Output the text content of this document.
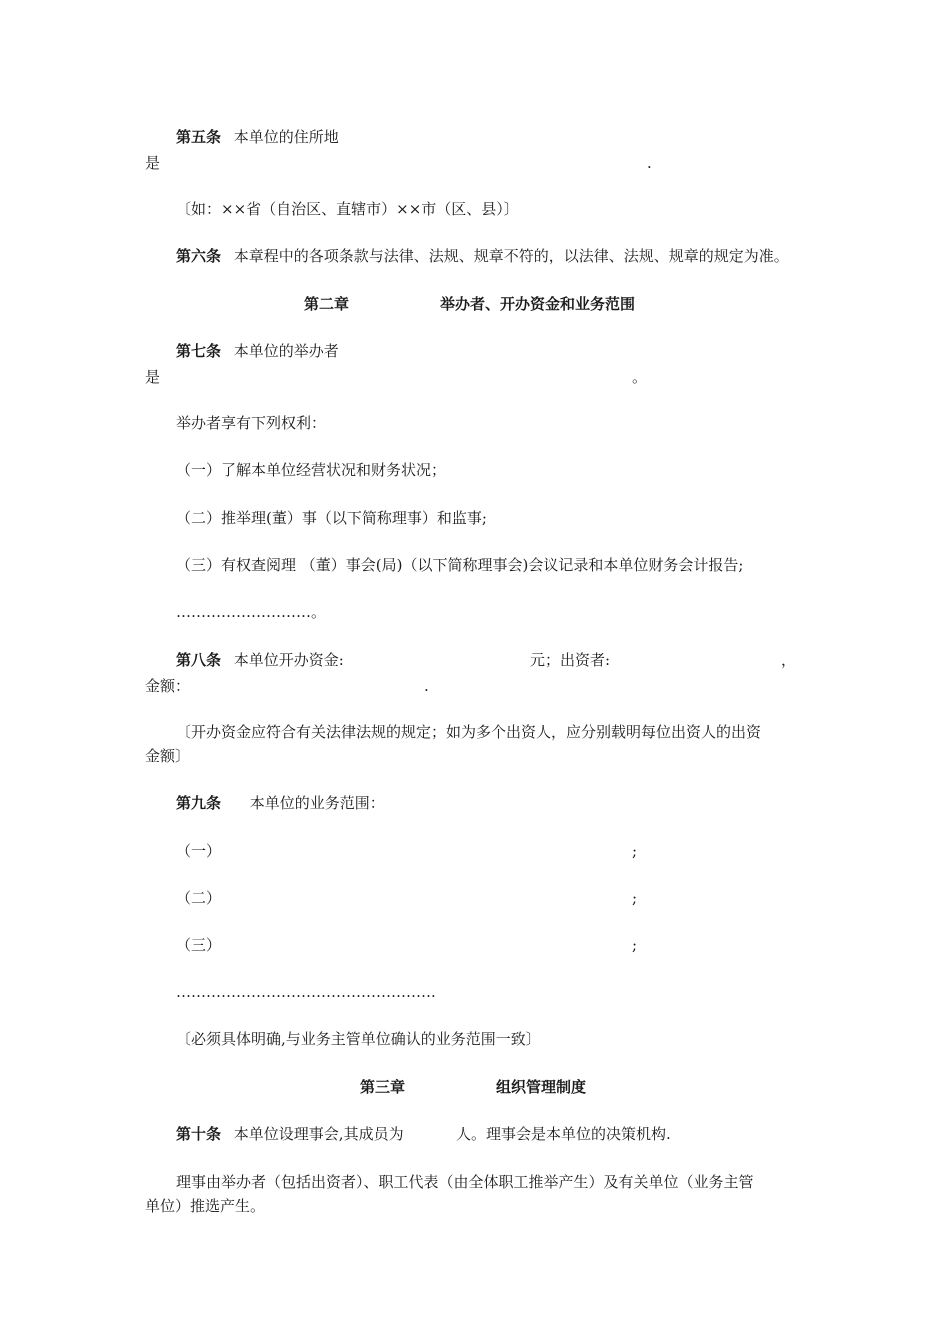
第五条 本单位的住所地
是	.
〔如：××省（自治区、直辖市）××市（区、县）〕
第六条 本章程中的各项条款与法律、法规、规章不符的，以法律、法规、规章的规定为准。
第二章	举办者、开办资金和业务范围
第七条 本单位的举办者
是	。
举办者享有下列权利：
（一）了解本单位经营状况和财务状况；
（二）推举理(董）事（以下简称理事）和监事;
（三）有权查阅理 （董）事会(局)（以下简称理事会)会议记录和本单位财务会计报告;
………………………。
第八条 本单位开办资金:	元；出资者:	，
金额：	.
〔开办资金应符合有关法律法规的规定；如为多个出资人，应分别载明每位出资人的出资
金额〕
第九条 本单位的业务范围：
（一）	;
（二）	;
（三）	;
…………………………………………….
〔必须具体明确,与业务主管单位确认的业务范围一致〕
第三章	组织管理制度
第十条 本单位设理事会,其成员为	人。理事会是本单位的决策机构.
理事由举办者（包括出资者）、职工代表（由全体职工推举产生）及有关单位（业务主管
单位）推选产生。
